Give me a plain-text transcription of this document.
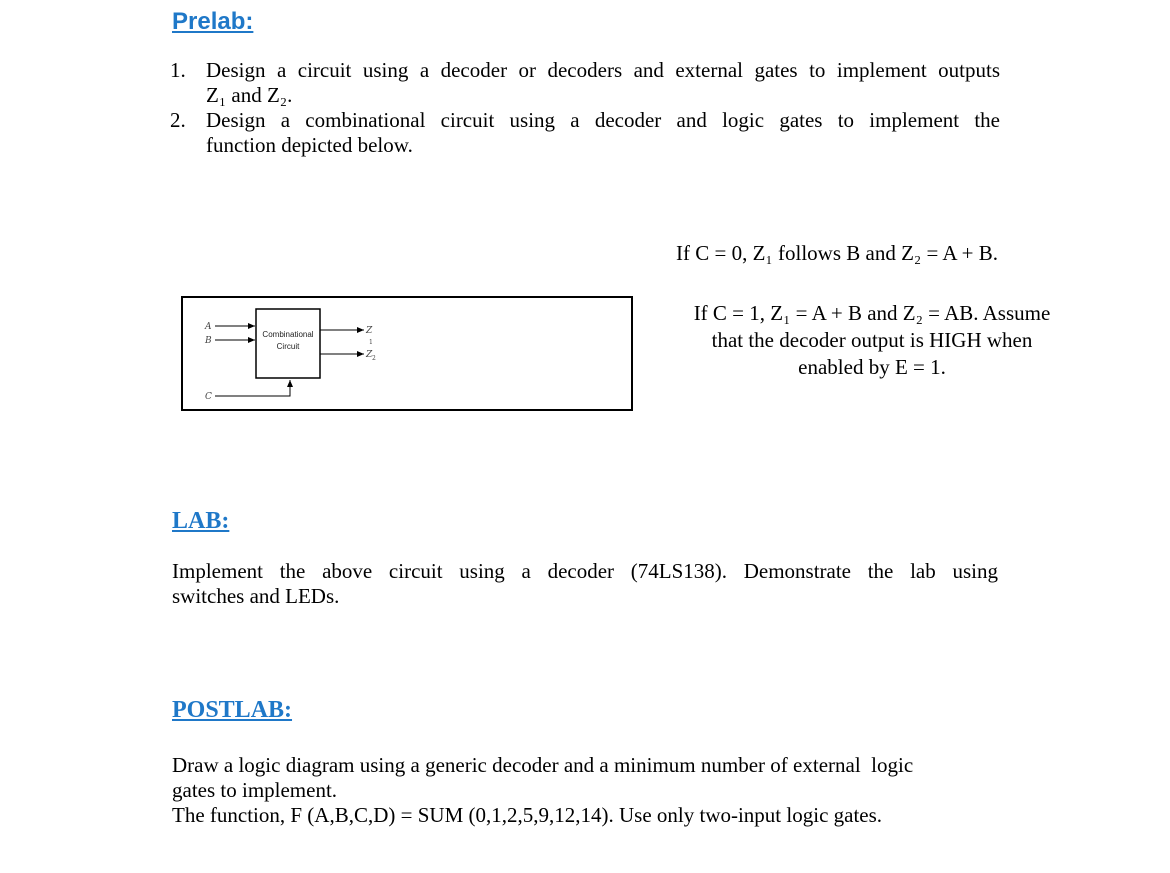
Prelab:
1. Design a circuit using a decoder or decoders and external gates to implement outputs
Z₁ and Z₂.
2. Design a combinational circuit using a decoder and logic gates to implement the
function depicted below.
If C = 0, Z₁ follows B and Z₂ = A + B.
If C = 1, Z₁ = A + B and Z₂ = AB. Assume
that the decoder output is HIGH when
enabled by E = 1.
A
B
C
Combinational
Circuit
Z
1
Z 2
LAB:
Implement the above circuit using a decoder (74LS138). Demonstrate the lab using
switches and LEDs.
POSTLAB:
Draw a logic diagram using a generic decoder and a minimum number of external  logic
gates to implement.
The function, F (A,B,C,D) = SUM (0,1,2,5,9,12,14). Use only two-input logic gates.
